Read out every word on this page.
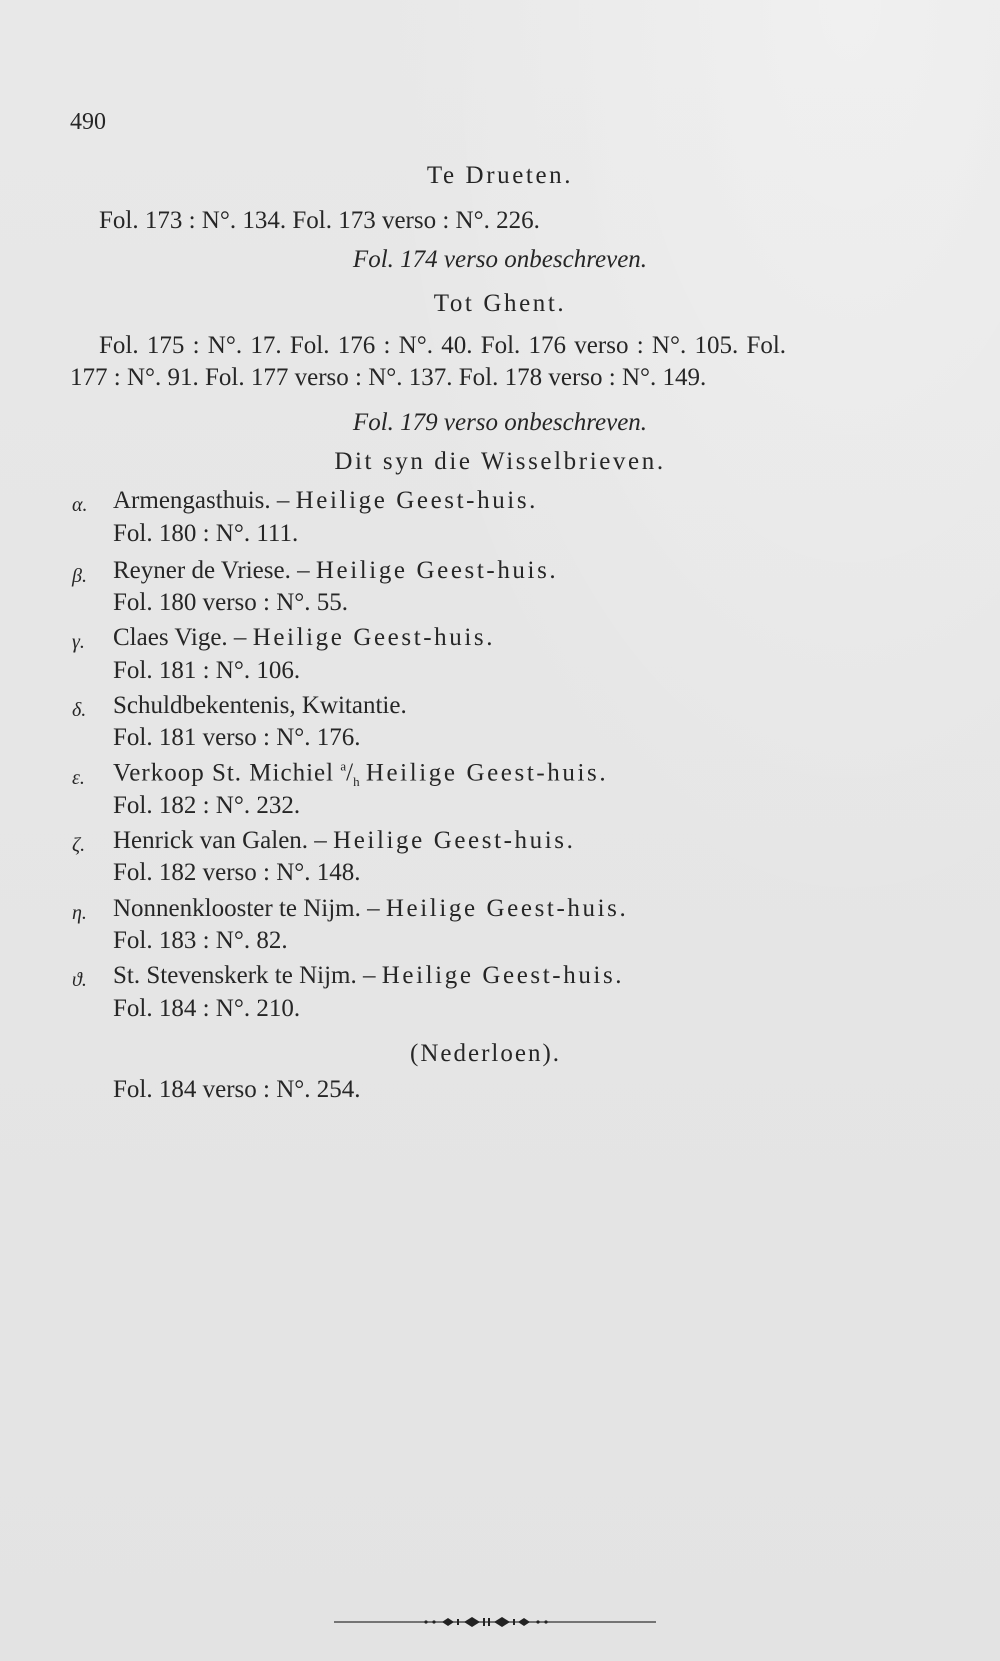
490
Te Drueten.
Fol. 173 : N°. 134. Fol. 173 verso : N°. 226.
Fol. 174 verso onbeschreven.
Tot Ghent.
Fol. 175 : N°. 17. Fol. 176 : N°. 40. Fol. 176 verso : N°. 105. Fol.
177 : N°. 91. Fol. 177 verso : N°. 137. Fol. 178 verso : N°. 149.
Fol. 179 verso onbeschreven.
Dit syn die Wisselbrieven.
α. Armengasthuis. – Heilige Geest-huis.
Fol. 180 : N°. 111.
β. Reyner de Vriese. – Heilige Geest-huis.
Fol. 180 verso : N°. 55.
γ. Claes Vige. – Heilige Geest-huis.
Fol. 181 : N°. 106.
δ. Schuldbekentenis, Kwitantie.
Fol. 181 verso : N°. 176.
ε. Verkoop St. Michiel $^a/_h$ Heilige Geest-huis.
Fol. 182 : N°. 232.
ζ. Henrick van Galen. – Heilige Geest-huis.
Fol. 182 verso : N°. 148.
η. Nonnenklooster te Nijm. – Heilige Geest-huis.
Fol. 183 : N°. 82.
ϑ. St. Stevenskerk te Nijm. – Heilige Geest-huis.
Fol. 184 : N°. 210.
(Nederloen).
Fol. 184 verso : N°. 254.
